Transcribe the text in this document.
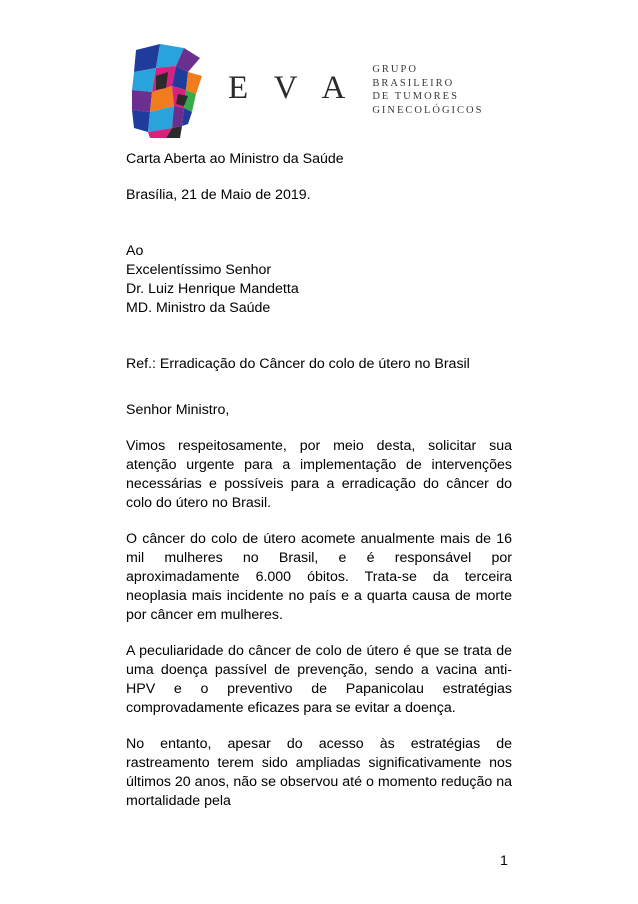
E V A GRUPO
BRASILEIRO
DE TUMORES
GINECOLÓGICOS

Carta Aberta ao Ministro da Saúde

Brasília, 21 de Maio de 2019.

Ao
Excelentíssimo Senhor
Dr. Luiz Henrique Mandetta
MD. Ministro da Saúde

Ref.: Erradicação do Câncer do colo de útero no Brasil

Senhor Ministro,

Vimos respeitosamente, por meio desta, solicitar sua atenção urgente para a implementação de intervenções necessárias e possíveis para a erradicação do câncer do colo do útero no Brasil.

O câncer do colo de útero acomete anualmente mais de 16 mil mulheres no Brasil, e é responsável por aproximadamente 6.000 óbitos. Trata-se da terceira neoplasia mais incidente no país e a quarta causa de morte por câncer em mulheres.

A peculiaridade do câncer de colo de útero é que se trata de uma doença passível de prevenção, sendo a vacina anti-HPV e o preventivo de Papanicolau estratégias comprovadamente eficazes para se evitar a doença.

No entanto, apesar do acesso às estratégias de rastreamento terem sido ampliadas significativamente nos últimos 20 anos, não se observou até o momento redução na mortalidade pela

1
